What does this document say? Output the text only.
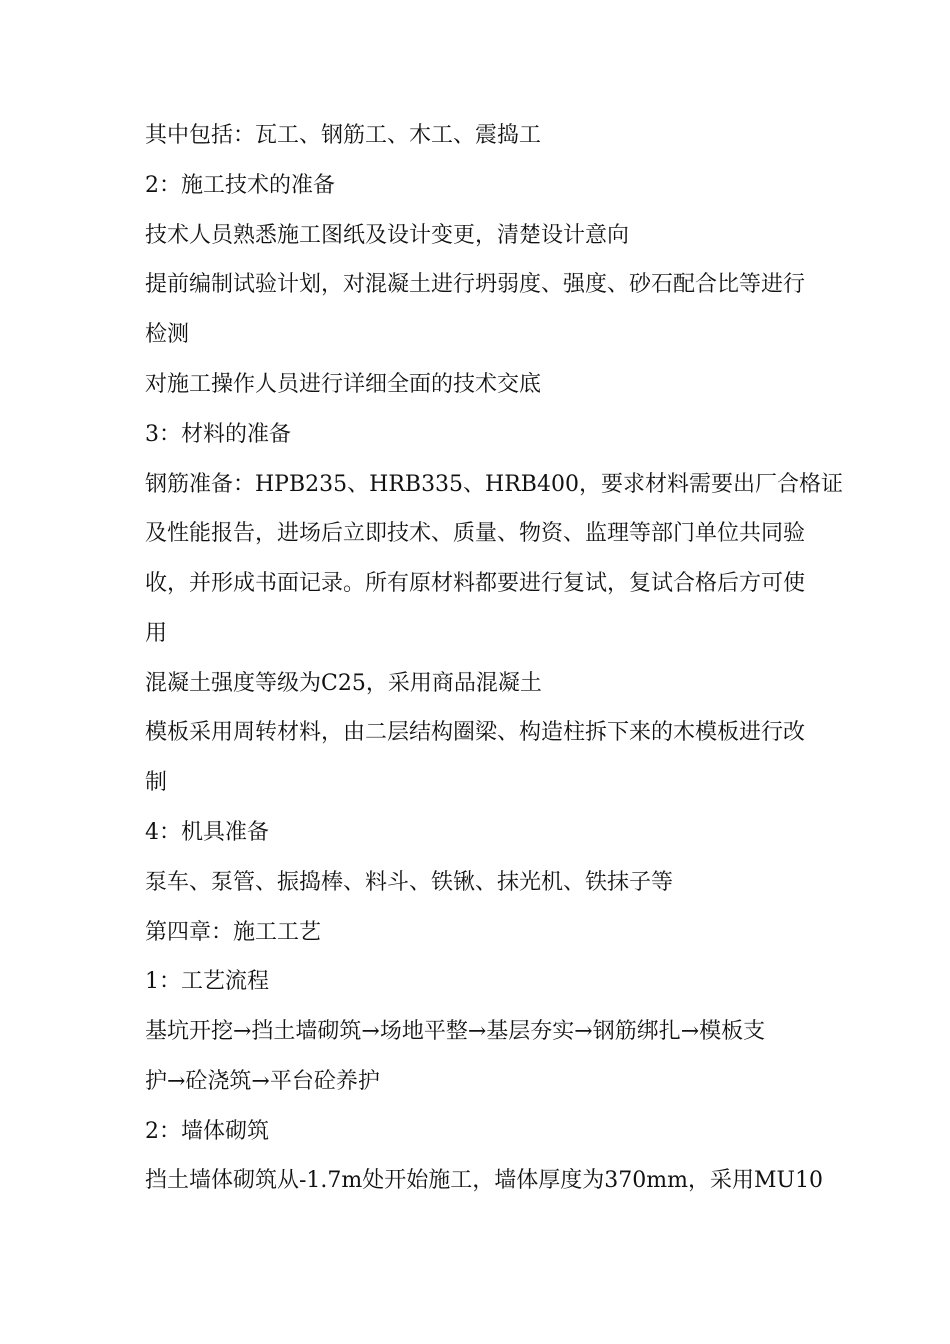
其中包括：瓦工、钢筋工、木工、震捣工
2：施工技术的准备
技术人员熟悉施工图纸及设计变更，清楚设计意向
提前编制试验计划，对混凝土进行坍弱度、强度、砂石配合比等进行
检测
对施工操作人员进行详细全面的技术交底
3：材料的准备
钢筋准备：HPB235、HRB335、HRB400，要求材料需要出厂合格证
及性能报告，进场后立即技术、质量、物资、监理等部门单位共同验
收，并形成书面记录。所有原材料都要进行复试，复试合格后方可使
用
混凝土强度等级为C25，采用商品混凝土
模板采用周转材料，由二层结构圈梁、构造柱拆下来的木模板进行改
制
4：机具准备
泵车、泵管、振捣棒、料斗、铁锹、抹光机、铁抹子等
第四章：施工工艺
1：工艺流程
基坑开挖→挡土墙砌筑→场地平整→基层夯实→钢筋绑扎→模板支
护→砼浇筑→平台砼养护
2：墙体砌筑
挡土墙体砌筑从-1.7m处开始施工，墙体厚度为370mm，采用MU10
